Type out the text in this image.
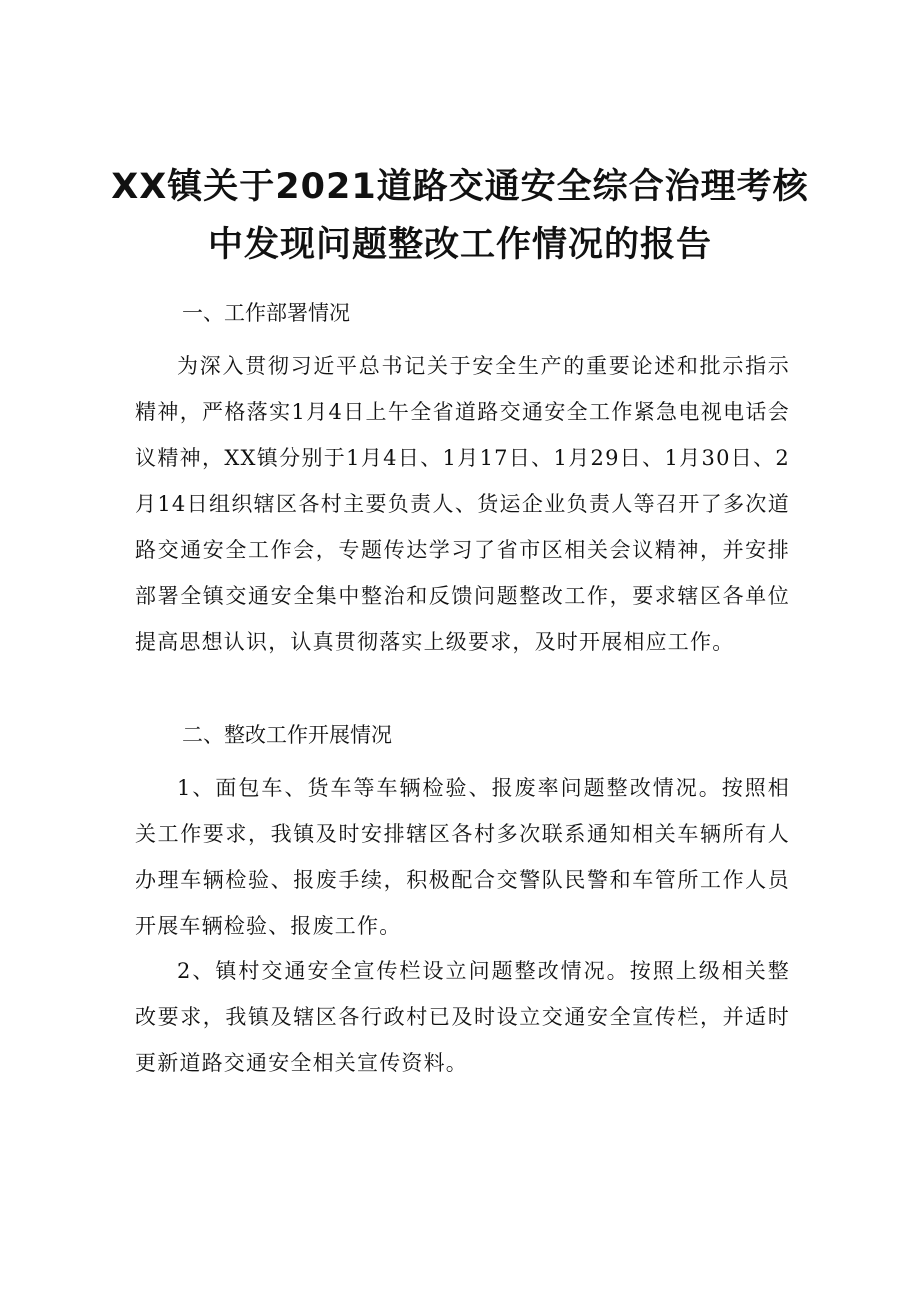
XX镇关于2021道路交通安全综合治理考核
中发现问题整改工作情况的报告
一、工作部署情况
为深入贯彻习近平总书记关于安全生产的重要论述和批示指示精神，严格落实1月4日上午全省道路交通安全工作紧急电视电话会议精神，XX镇分别于1月4日、1月17日、1月29日、1月30日、2月14日组织辖区各村主要负责人、货运企业负责人等召开了多次道路交通安全工作会，专题传达学习了省市区相关会议精神，并安排部署全镇交通安全集中整治和反馈问题整改工作，要求辖区各单位提高思想认识，认真贯彻落实上级要求，及时开展相应工作。
二、整改工作开展情况
1、面包车、货车等车辆检验、报废率问题整改情况。按照相关工作要求，我镇及时安排辖区各村多次联系通知相关车辆所有人办理车辆检验、报废手续，积极配合交警队民警和车管所工作人员开展车辆检验、报废工作。
2、镇村交通安全宣传栏设立问题整改情况。按照上级相关整改要求，我镇及辖区各行政村已及时设立交通安全宣传栏，并适时更新道路交通安全相关宣传资料。
